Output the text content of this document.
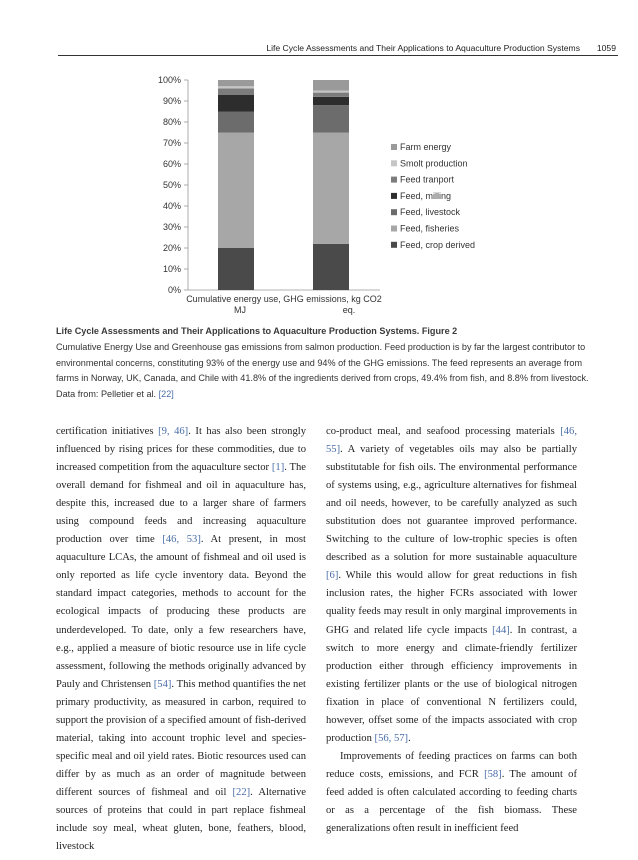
Life Cycle Assessments and Their Applications to Aquaculture Production Systems 1059
0%
10%
20%
30%
40%
50%
60%
70%
80%
90%
100%
Cumulative energy use, GHG emissions, kg CO2
MJ	eq.
Farm energy
Smolt production
Feed tranport
Feed, milling
Feed, livestock
Feed, fisheries
Feed, crop derived
Life Cycle Assessments and Their Applications to Aquaculture Production Systems. Figure 2
Cumulative Energy Use and Greenhouse gas emissions from salmon production. Feed production is by far the largest contributor to environmental concerns, constituting 93% of the energy use and 94% of the GHG emissions. The feed represents an average from farms in Norway, UK, Canada, and Chile with 41.8% of the ingredients derived from crops, 49.4% from fish, and 8.8% from livestock. Data from: Pelletier et al. [22]

certification initiatives [9, 46]. It has also been strongly influenced by rising prices for these commodities, due to increased competition from the aquaculture sector [1]. The overall demand for fishmeal and oil in aquaculture has, despite this, increased due to a larger share of farmers using compound feeds and increasing aquaculture production over time [46, 53]. At present, in most aquaculture LCAs, the amount of fishmeal and oil used is only reported as life cycle inventory data. Beyond the standard impact categories, methods to account for the ecological impacts of producing these products are underdeveloped. To date, only a few researchers have, e.g., applied a measure of biotic resource use in life cycle assessment, following the methods originally advanced by Pauly and Christensen [54]. This method quantifies the net primary productivity, as measured in carbon, required to support the provision of a specified amount of fish-derived material, taking into account trophic level and species-specific meal and oil yield rates. Biotic resources used can differ by as much as an order of magnitude between different sources of fishmeal and oil [22]. Alternative sources of proteins that could in part replace fishmeal include soy meal, wheat gluten, bone, feathers, blood, livestock

co-product meal, and seafood processing materials [46, 55]. A variety of vegetables oils may also be partially substitutable for fish oils. The environmental performance of systems using, e.g., agriculture alternatives for fishmeal and oil needs, however, to be carefully analyzed as such substitution does not guarantee improved performance. Switching to the culture of low-trophic species is often described as a solution for more sustainable aquaculture [6]. While this would allow for great reductions in fish inclusion rates, the higher FCRs associated with lower quality feeds may result in only marginal improvements in GHG and related life cycle impacts [44]. In contrast, a switch to more energy and climate-friendly fertilizer production either through efficiency improvements in existing fertilizer plants or the use of biological nitrogen fixation in place of conventional N fertilizers could, however, offset some of the impacts associated with crop production [56, 57].

Improvements of feeding practices on farms can both reduce costs, emissions, and FCR [58]. The amount of feed added is often calculated according to feeding charts or as a percentage of the fish biomass. These generalizations often result in inefficient feed
